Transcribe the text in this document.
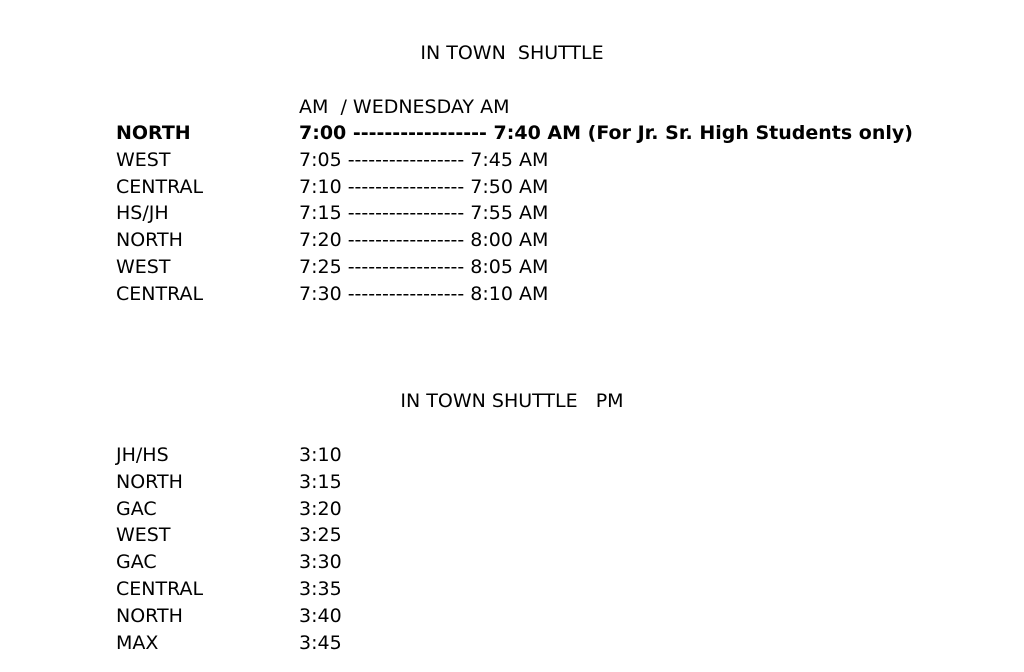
IN TOWN  SHUTTLE
AM  / WEDNESDAY AM
NORTH	7:00 ----------------- 7:40 AM (For Jr. Sr. High Students only)
WEST	7:05 ----------------- 7:45 AM
CENTRAL	7:10 ----------------- 7:50 AM
HS/JH	7:15 ----------------- 7:55 AM
NORTH	7:20 ----------------- 8:00 AM
WEST	7:25 ----------------- 8:05 AM
CENTRAL	7:30 ----------------- 8:10 AM
IN TOWN SHUTTLE   PM
JH/HS	3:10
NORTH	3:15
GAC	3:20
WEST	3:25
GAC	3:30
CENTRAL	3:35
NORTH	3:40
MAX	3:45
